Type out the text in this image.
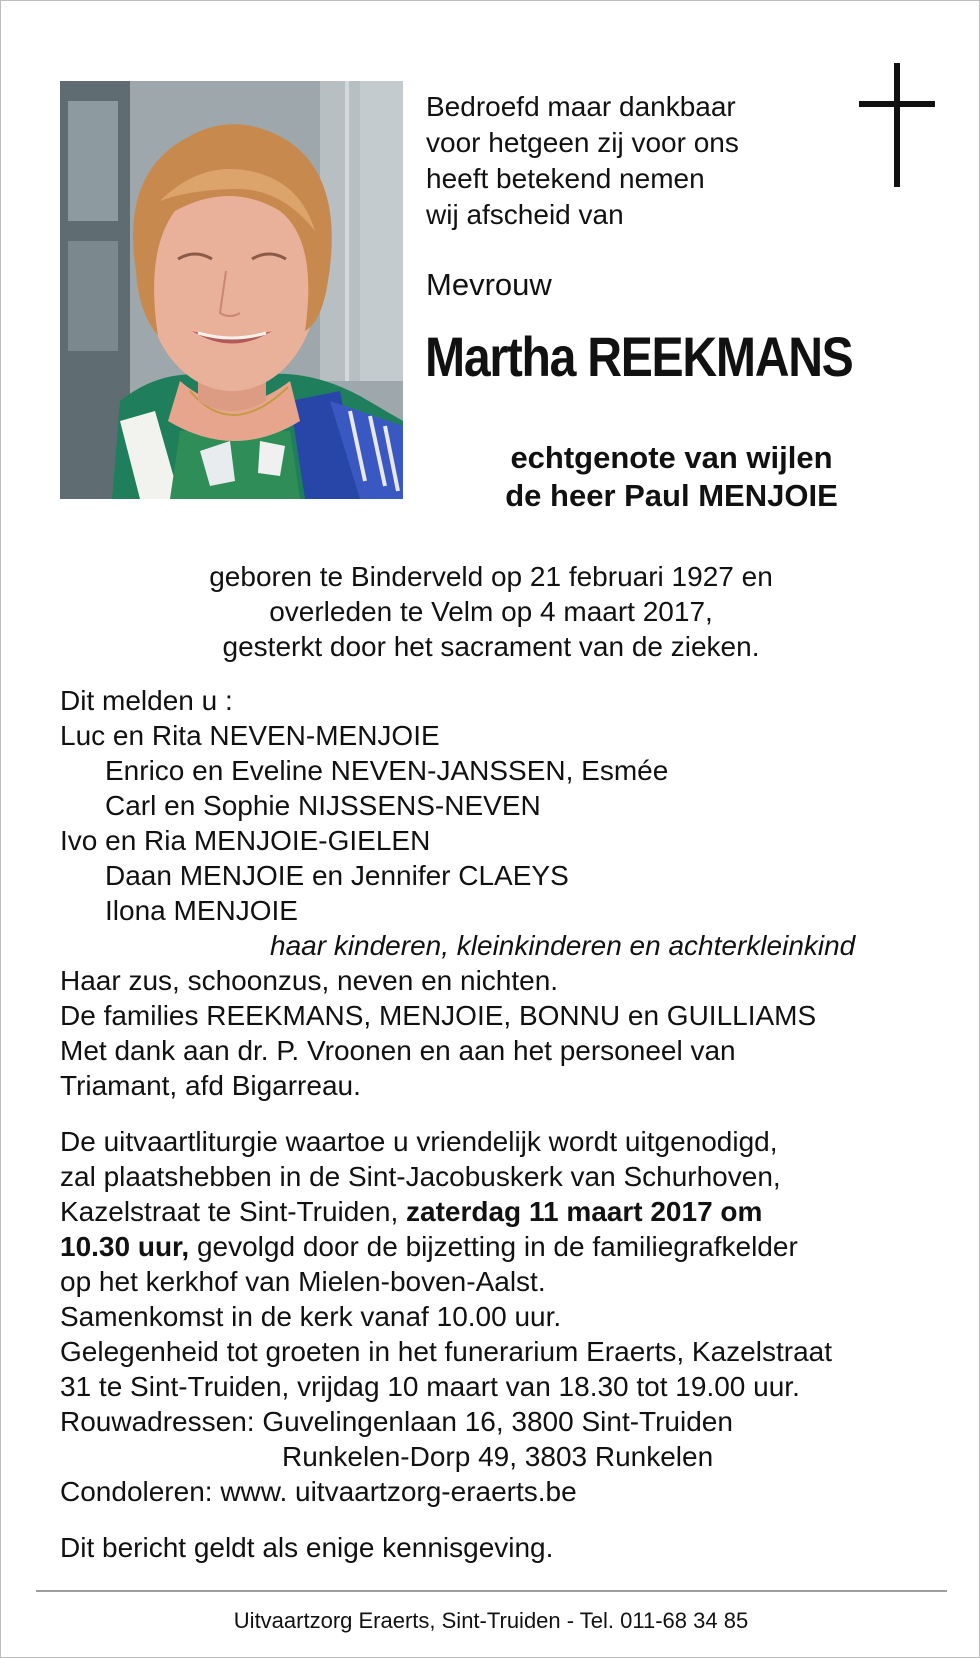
Bedroefd maar dankbaar
voor hetgeen zij voor ons
heeft betekend nemen
wij afscheid van
Mevrouw
Martha REEKMANS
echtgenote van wijlen
de heer Paul MENJOIE
geboren te Binderveld op 21 februari 1927 en
overleden te Velm op 4 maart 2017,
gesterkt door het sacrament van de zieken.
Dit melden u :
Luc en Rita NEVEN-MENJOIE
Enrico en Eveline NEVEN-JANSSEN, Esmée
Carl en Sophie NIJSSENS-NEVEN
Ivo en Ria MENJOIE-GIELEN
Daan MENJOIE en Jennifer CLAEYS
Ilona MENJOIE
haar kinderen, kleinkinderen en achterkleinkind
Haar zus, schoonzus, neven en nichten.
De families REEKMANS, MENJOIE, BONNU en GUILLIAMS
Met dank aan dr. P. Vroonen en aan het personeel van
Triamant, afd Bigarreau.
De uitvaartliturgie waartoe u vriendelijk wordt uitgenodigd,
zal plaatshebben in de Sint-Jacobuskerk van Schurhoven,
Kazelstraat te Sint-Truiden, zaterdag 11 maart 2017 om
10.30 uur, gevolgd door de bijzetting in de familiegrafkelder
op het kerkhof van Mielen-boven-Aalst.
Samenkomst in de kerk vanaf 10.00 uur.
Gelegenheid tot groeten in het funerarium Eraerts, Kazelstraat
31 te Sint-Truiden, vrijdag 10 maart van 18.30 tot 19.00 uur.
Rouwadressen: Guvelingenlaan 16, 3800 Sint-Truiden
Runkelen-Dorp 49, 3803 Runkelen
Condoleren: www. uitvaartzorg-eraerts.be
Dit bericht geldt als enige kennisgeving.
Uitvaartzorg Eraerts, Sint-Truiden - Tel. 011-68 34 85
